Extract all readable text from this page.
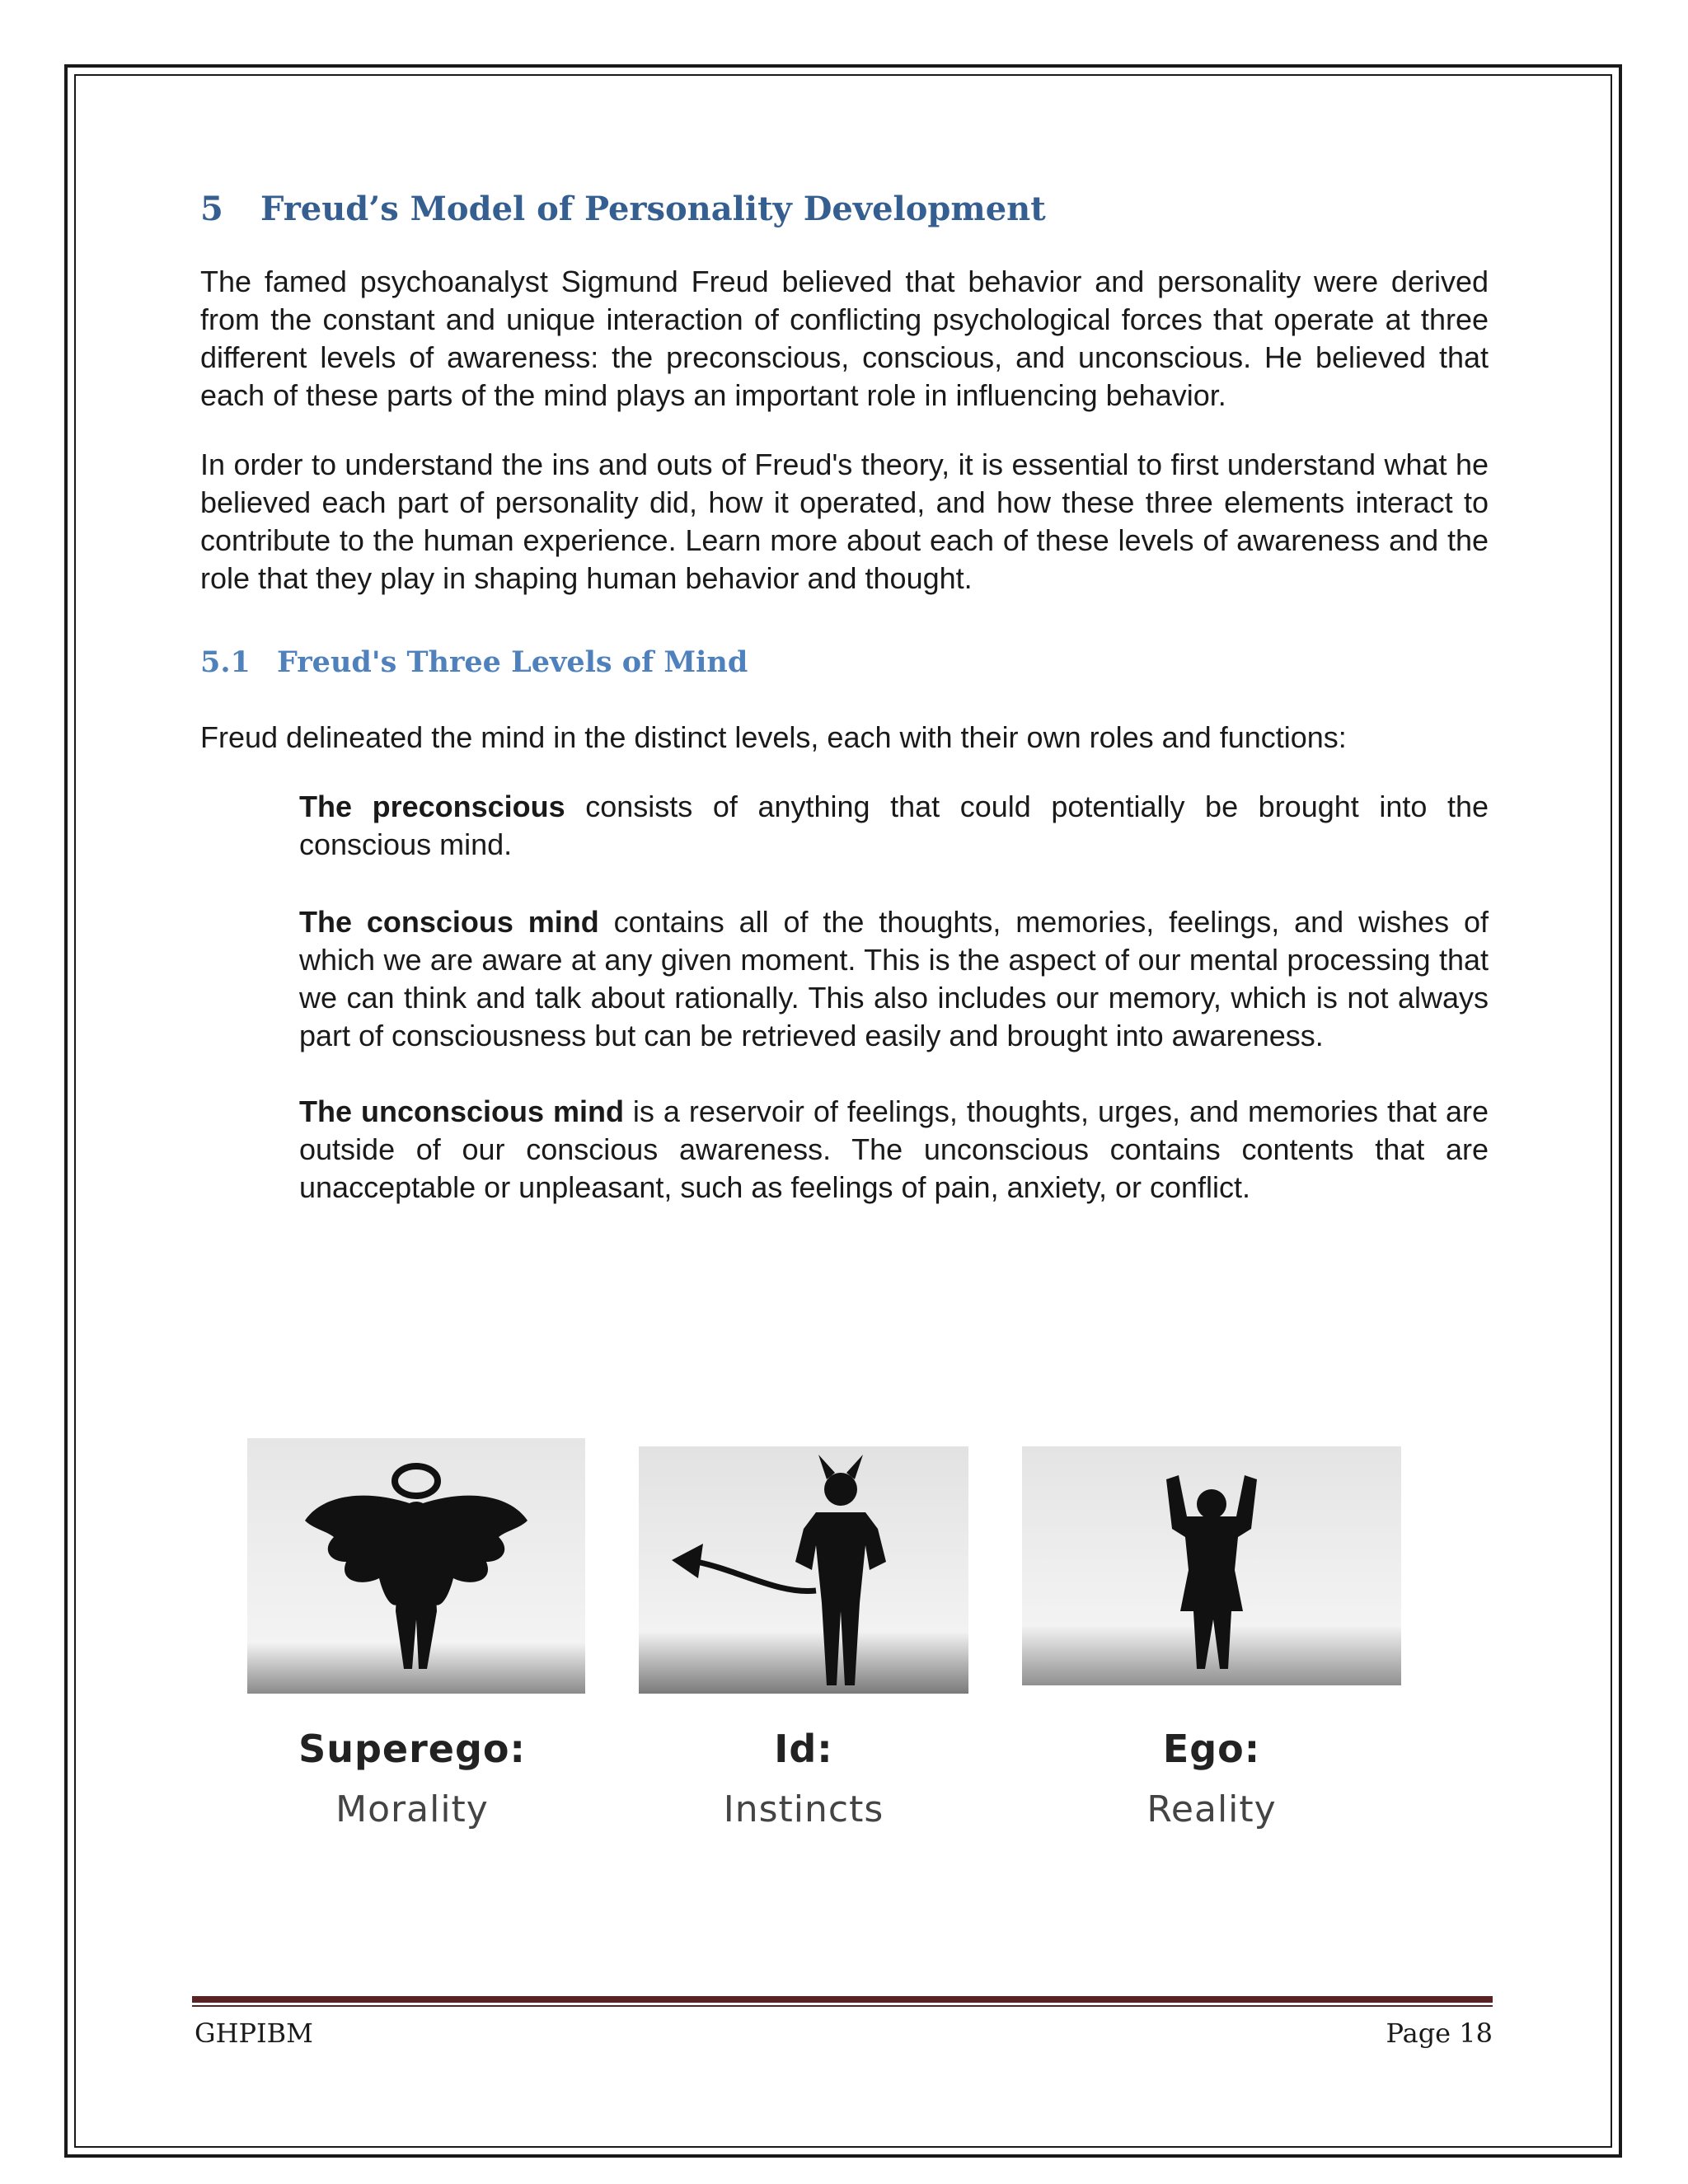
5	Freud’s Model of Personality Development

The famed psychoanalyst Sigmund Freud believed that behavior and personality were derived from the constant and unique interaction of conflicting psychological forces that operate at three different levels of awareness: the preconscious, conscious, and unconscious. He believed that each of these parts of the mind plays an important role in influencing behavior.

In order to understand the ins and outs of Freud's theory, it is essential to first understand what he believed each part of personality did, how it operated, and how these three elements interact to contribute to the human experience. Learn more about each of these levels of awareness and the role that they play in shaping human behavior and thought.

5.1 Freud's Three Levels of Mind

Freud delineated the mind in the distinct levels, each with their own roles and functions:

The preconscious consists of anything that could potentially be brought into the conscious mind.

The conscious mind contains all of the thoughts, memories, feelings, and wishes of which we are aware at any given moment. This is the aspect of our mental processing that we can think and talk about rationally. This also includes our memory, which is not always part of consciousness but can be retrieved easily and brought into awareness.

The unconscious mind is a reservoir of feelings, thoughts, urges, and memories that are outside of our conscious awareness. The unconscious contains contents that are unacceptable or unpleasant, such as feelings of pain, anxiety, or conflict.

Superego:
Morality
Id:
Instincts
Ego:
Reality
GHPIBM	Page 18
